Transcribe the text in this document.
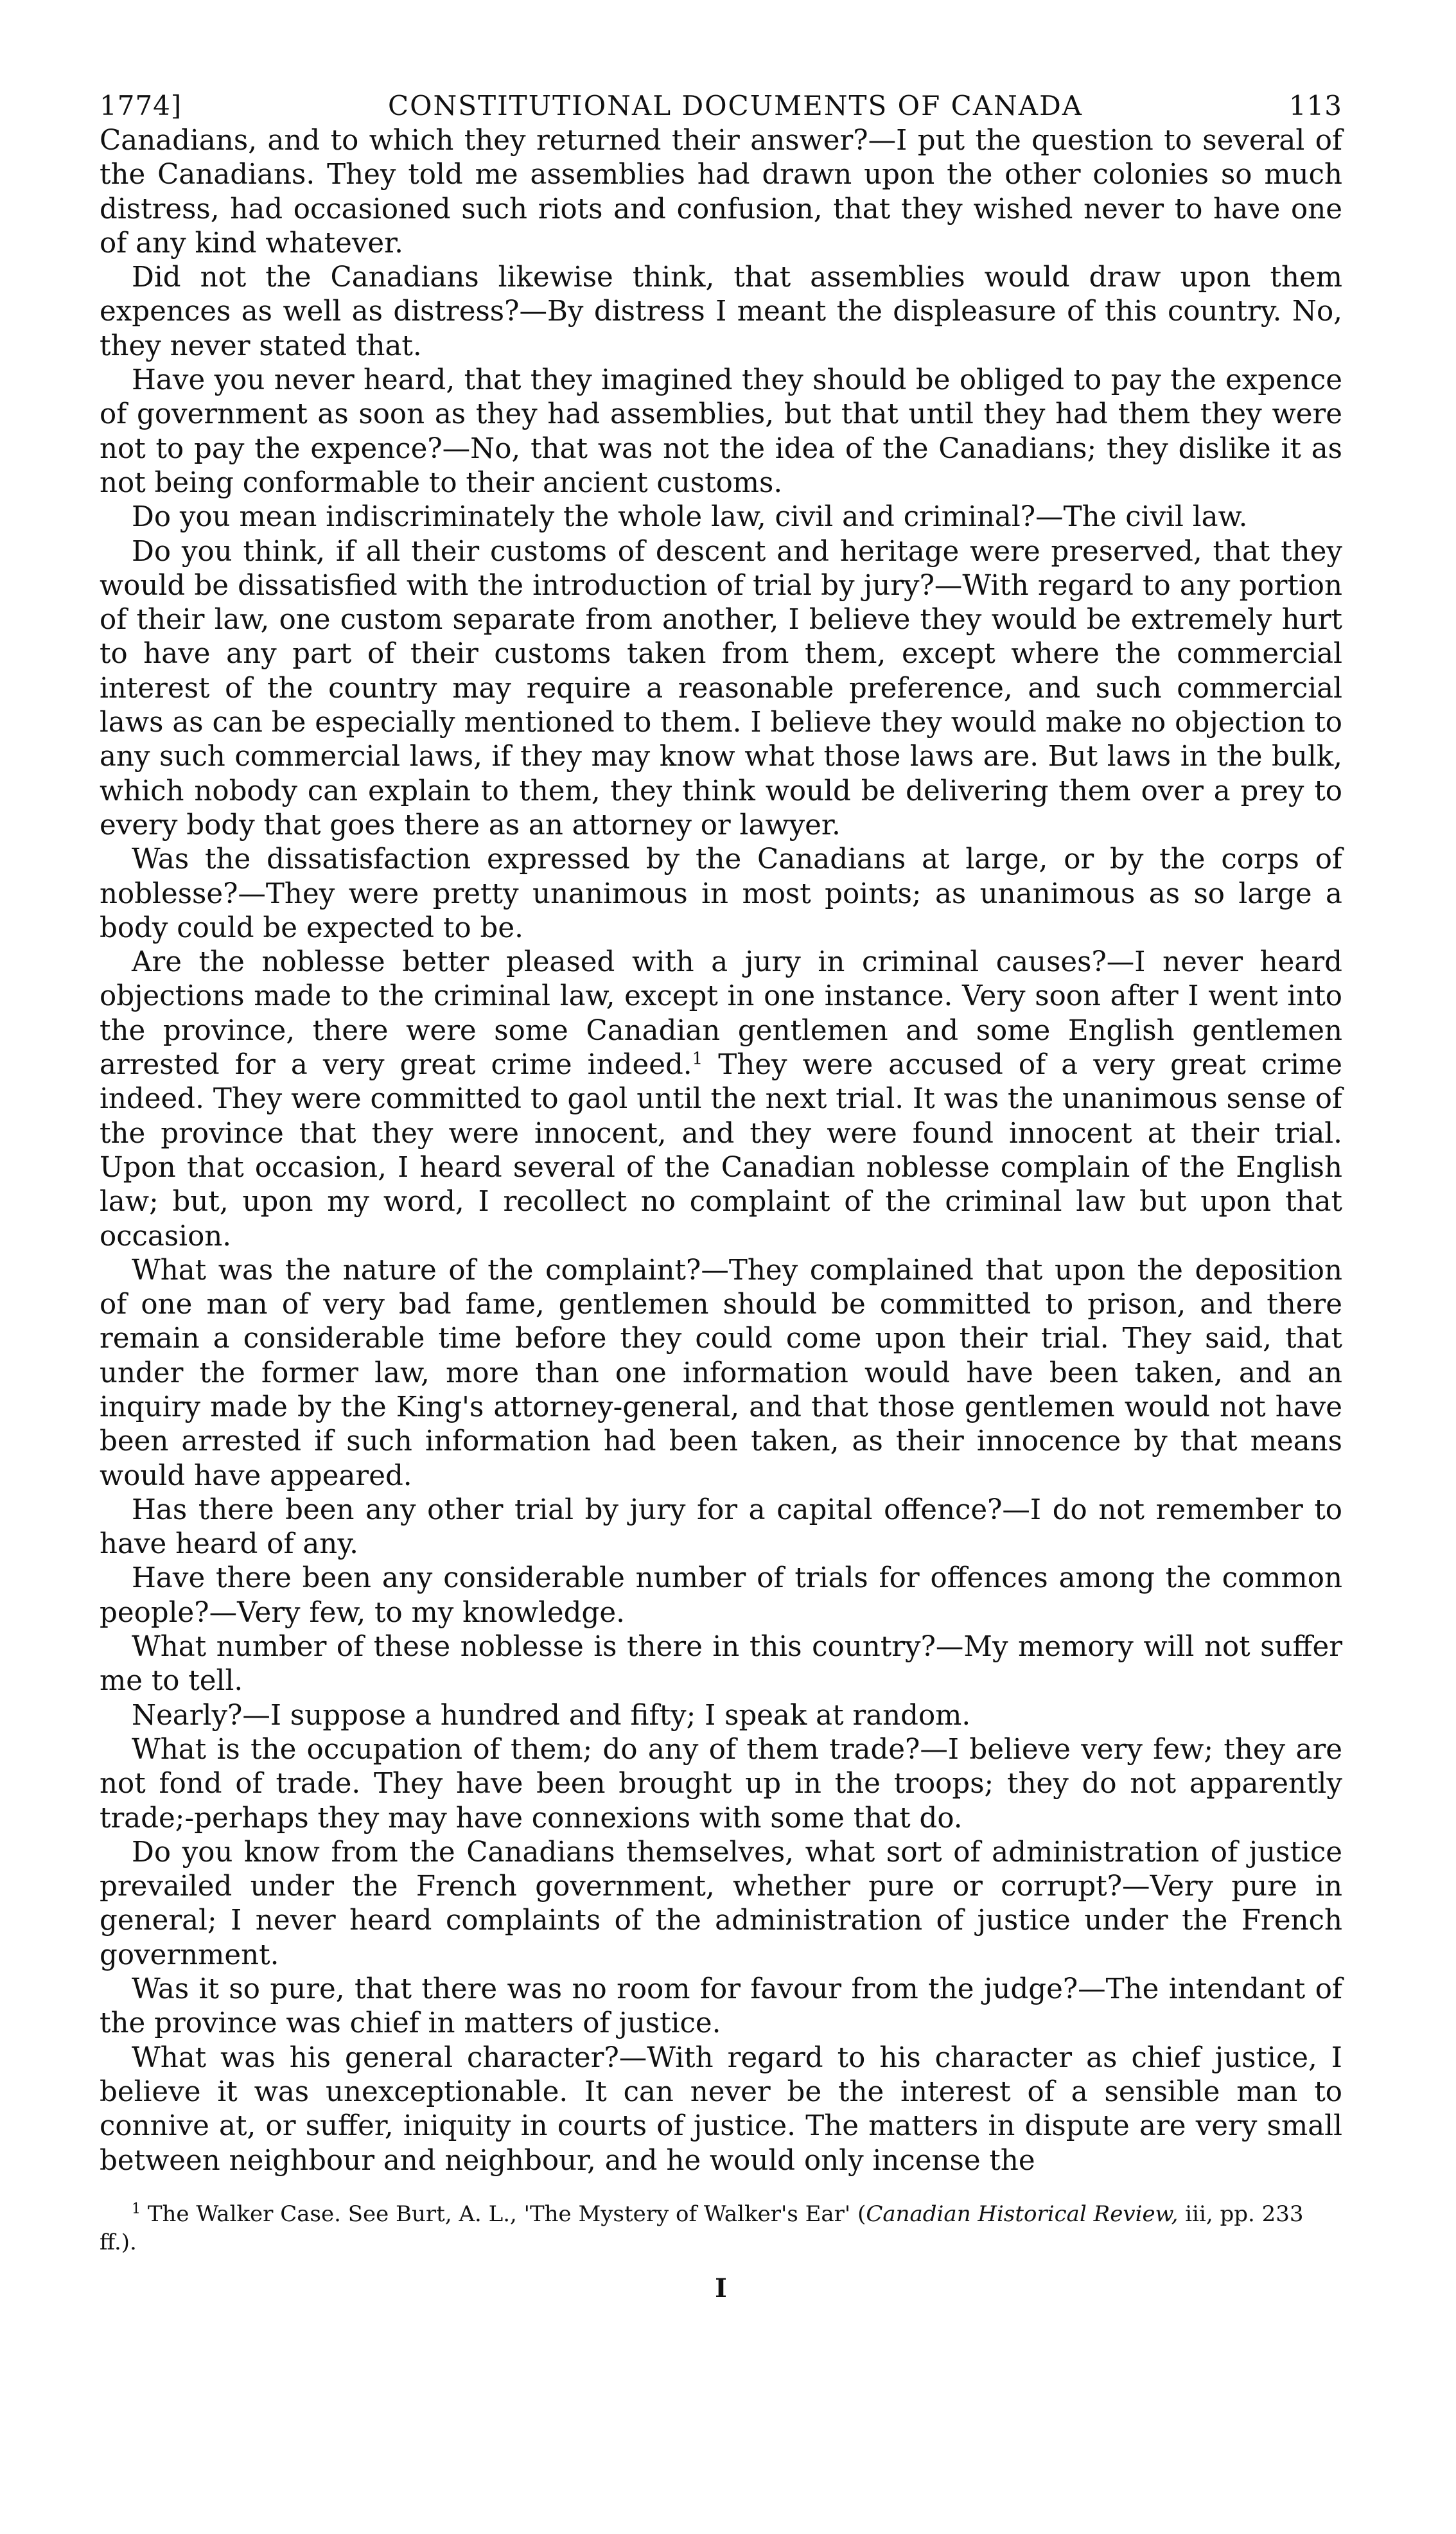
1774]	CONSTITUTIONAL DOCUMENTS OF CANADA	113

Canadians, and to which they returned their answer?—I put the question to several of the Canadians. They told me assemblies had drawn upon the other colonies so much distress, had occasioned such riots and confusion, that they wished never to have one of any kind whatever.

Did not the Canadians likewise think, that assemblies would draw upon them expences as well as distress?—By distress I meant the displeasure of this country. No, they never stated that.

Have you never heard, that they imagined they should be obliged to pay the expence of government as soon as they had assemblies, but that until they had them they were not to pay the expence?—No, that was not the idea of the Canadians; they dislike it as not being conformable to their ancient customs.

Do you mean indiscriminately the whole law, civil and criminal?—The civil law.

Do you think, if all their customs of descent and heritage were preserved, that they would be dissatisfied with the introduction of trial by jury?—With regard to any portion of their law, one custom separate from another, I believe they would be extremely hurt to have any part of their customs taken from them, except where the commercial interest of the country may require a reasonable preference, and such commercial laws as can be especially mentioned to them. I believe they would make no objection to any such commercial laws, if they may know what those laws are. But laws in the bulk, which nobody can explain to them, they think would be delivering them over a prey to every body that goes there as an attorney or lawyer.

Was the dissatisfaction expressed by the Canadians at large, or by the corps of noblesse?—They were pretty unanimous in most points; as unanimous as so large a body could be expected to be.

Are the noblesse better pleased with a jury in criminal causes?—I never heard objections made to the criminal law, except in one instance. Very soon after I went into the province, there were some Canadian gentlemen and some English gentlemen arrested for a very great crime indeed.$^1$ They were accused of a very great crime indeed. They were committed to gaol until the next trial. It was the unanimous sense of the province that they were innocent, and they were found innocent at their trial. Upon that occasion, I heard several of the Canadian noblesse complain of the English law; but, upon my word, I recollect no complaint of the criminal law but upon that occasion.

What was the nature of the complaint?—They complained that upon the deposition of one man of very bad fame, gentlemen should be committed to prison, and there remain a considerable time before they could come upon their trial. They said, that under the former law, more than one information would have been taken, and an inquiry made by the King's attorney-general, and that those gentlemen would not have been arrested if such information had been taken, as their innocence by that means would have appeared.

Has there been any other trial by jury for a capital offence?—I do not remember to have heard of any.

Have there been any considerable number of trials for offences among the common people?—Very few, to my knowledge.

What number of these noblesse is there in this country?—My memory will not suffer me to tell.

Nearly?—I suppose a hundred and fifty; I speak at random.

What is the occupation of them; do any of them trade?—I believe very few; they are not fond of trade. They have been brought up in the troops; they do not apparently trade;-perhaps they may have connexions with some that do.

Do you know from the Canadians themselves, what sort of administration of justice prevailed under the French government, whether pure or corrupt?—Very pure in general; I never heard complaints of the administration of justice under the French government.

Was it so pure, that there was no room for favour from the judge?—The intendant of the province was chief in matters of justice.

What was his general character?—With regard to his character as chief justice, I believe it was unexceptionable. It can never be the interest of a sensible man to connive at, or suffer, iniquity in courts of justice. The matters in dispute are very small between neighbour and neighbour, and he would only incense the

$^1$ The Walker Case. See Burt, A. L., 'The Mystery of Walker's Ear' (Canadian Historical Review, iii, pp. 233 ff.).
I
